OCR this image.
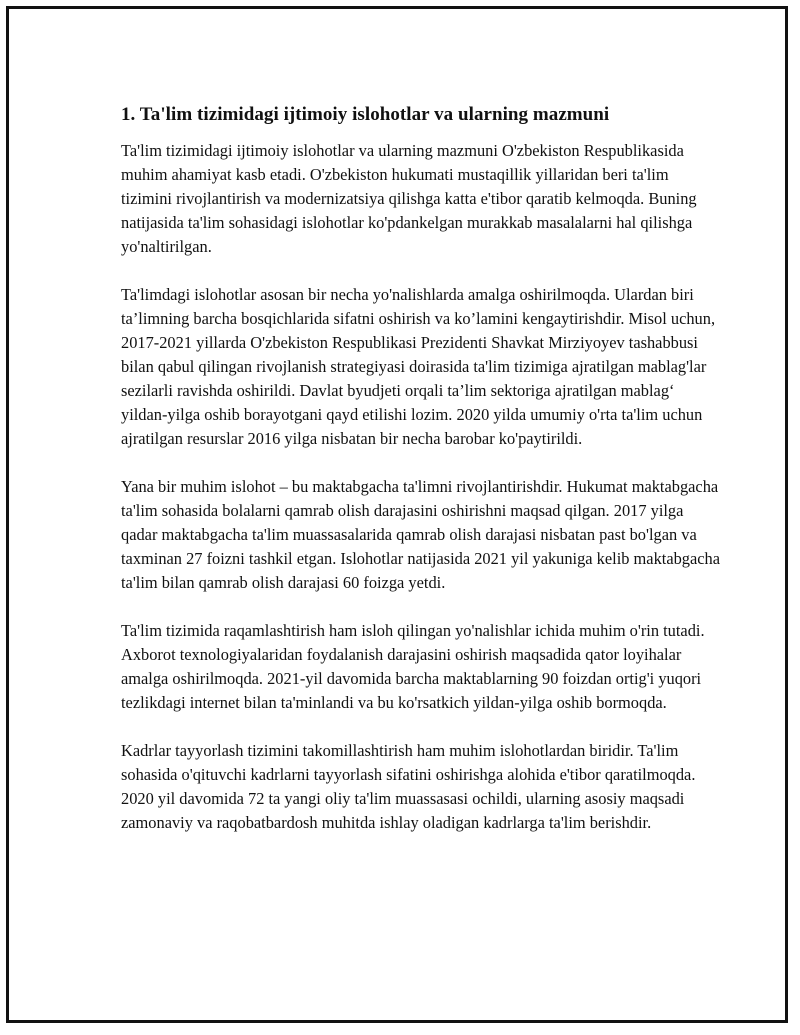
1. Ta'lim tizimidagi ijtimoiy islohotlar va ularning mazmuni

Ta'lim tizimidagi ijtimoiy islohotlar va ularning mazmuni O'zbekiston Respublikasida muhim ahamiyat kasb etadi. O'zbekiston hukumati mustaqillik yillaridan beri ta'lim tizimini rivojlantirish va modernizatsiya qilishga katta e'tibor qaratib kelmoqda. Buning natijasida ta'lim sohasidagi islohotlar ko'pdankelgan murakkab masalalarni hal qilishga yo'naltirilgan.

Ta'limdagi islohotlar asosan bir necha yo'nalishlarda amalga oshirilmoqda. Ulardan biri ta’limning barcha bosqichlarida sifatni oshirish va ko’lamini kengaytirishdir. Misol uchun, 2017-2021 yillarda O'zbekiston Respublikasi Prezidenti Shavkat Mirziyoyev tashabbusi bilan qabul qilingan rivojlanish strategiyasi doirasida ta'lim tizimiga ajratilgan mablag'lar sezilarli ravishda oshirildi. Davlat byudjeti orqali ta’lim sektoriga ajratilgan mablag‘ yildan-yilga oshib borayotgani qayd etilishi lozim. 2020 yilda umumiy o'rta ta'lim uchun ajratilgan resurslar 2016 yilga nisbatan bir necha barobar ko'paytirildi.

Yana bir muhim islohot – bu maktabgacha ta'limni rivojlantirishdir. Hukumat maktabgacha ta'lim sohasida bolalarni qamrab olish darajasini oshirishni maqsad qilgan. 2017 yilga qadar maktabgacha ta'lim muassasalarida qamrab olish darajasi nisbatan past bo'lgan va taxminan 27 foizni tashkil etgan. Islohotlar natijasida 2021 yil yakuniga kelib maktabgacha ta'lim bilan qamrab olish darajasi 60 foizga yetdi.

Ta'lim tizimida raqamlashtirish ham isloh qilingan yo'nalishlar ichida muhim o'rin tutadi. Axborot texnologiyalaridan foydalanish darajasini oshirish maqsadida qator loyihalar amalga oshirilmoqda. 2021-yil davomida barcha maktablarning 90 foizdan ortig'i yuqori tezlikdagi internet bilan ta'minlandi va bu ko'rsatkich yildan-yilga oshib bormoqda.

Kadrlar tayyorlash tizimini takomillashtirish ham muhim islohotlardan biridir. Ta'lim sohasida o'qituvchi kadrlarni tayyorlash sifatini oshirishga alohida e'tibor qaratilmoqda. 2020 yil davomida 72 ta yangi oliy ta'lim muassasasi ochildi, ularning asosiy maqsadi zamonaviy va raqobatbardosh muhitda ishlay oladigan kadrlarga ta'lim berishdir.
